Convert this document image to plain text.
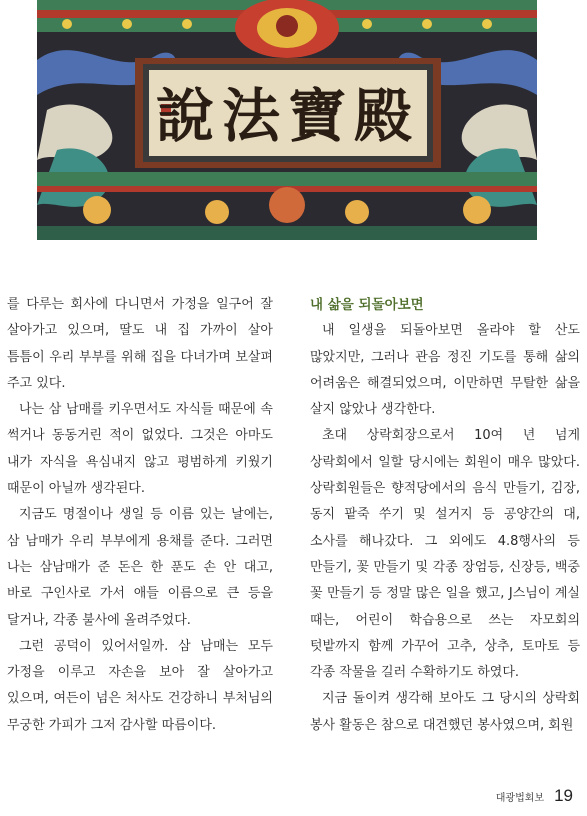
說法寶殿

를 다루는 회사에 다니면서 가정을 일구어 잘 살아가고 있으며, 딸도 내 집 가까이 살아 틈틈이 우리 부부를 위해 집을 다녀가며 보살펴 주고 있다.

나는 삼 남매를 키우면서도 자식들 때문에 속 썩거나 동동거린 적이 없었다. 그것은 아마도 내가 자식을 욕심내지 않고 평범하게 키웠기 때문이 아닐까 생각된다.

지금도 명절이나 생일 등 이름 있는 날에는, 삼 남매가 우리 부부에게 용채를 준다. 그러면 나는 삼남매가 준 돈은 한 푼도 손 안 대고, 바로 구인사로 가서 애들 이름으로 큰 등을 달거나, 각종 불사에 올려주었다.

그런 공덕이 있어서일까. 삼 남매는 모두 가정을 이루고 자손을 보아 잘 살아가고 있으며, 여든이 넘은 처사도 건강하니 부처님의 무궁한 가피가 그저 감사할 따름이다.

내 삶을 되돌아보면

내 일생을 되돌아보면 올라야 할 산도 많았지만, 그러나 관음 정진 기도를 통해 삶의 어려움은 해결되었으며, 이만하면 무탈한 삶을 살지 않았나 생각한다.

초대 상락회장으로서 10여 년 넘게 상락회에서 일할 당시에는 회원이 매우 많았다. 상락회원들은 향적당에서의 음식 만들기, 김장, 동지 팥죽 쑤기 및 설거지 등 공양간의 대, 소사를 해나갔다. 그 외에도 4.8행사의 등 만들기, 꽃 만들기 및 각종 장엄등, 신장등, 백중 꽃 만들기 등 정말 많은 일을 했고, J스님이 계실 때는, 어린이 학습용으로 쓰는 자모회의 텃밭까지 함께 가꾸어 고추, 상추, 토마토 등 각종 작물을 길러 수확하기도 하였다.

지금 돌이켜 생각해 보아도 그 당시의 상락회 봉사 활동은 참으로 대견했던 봉사였으며, 회원

대광법회보 19
